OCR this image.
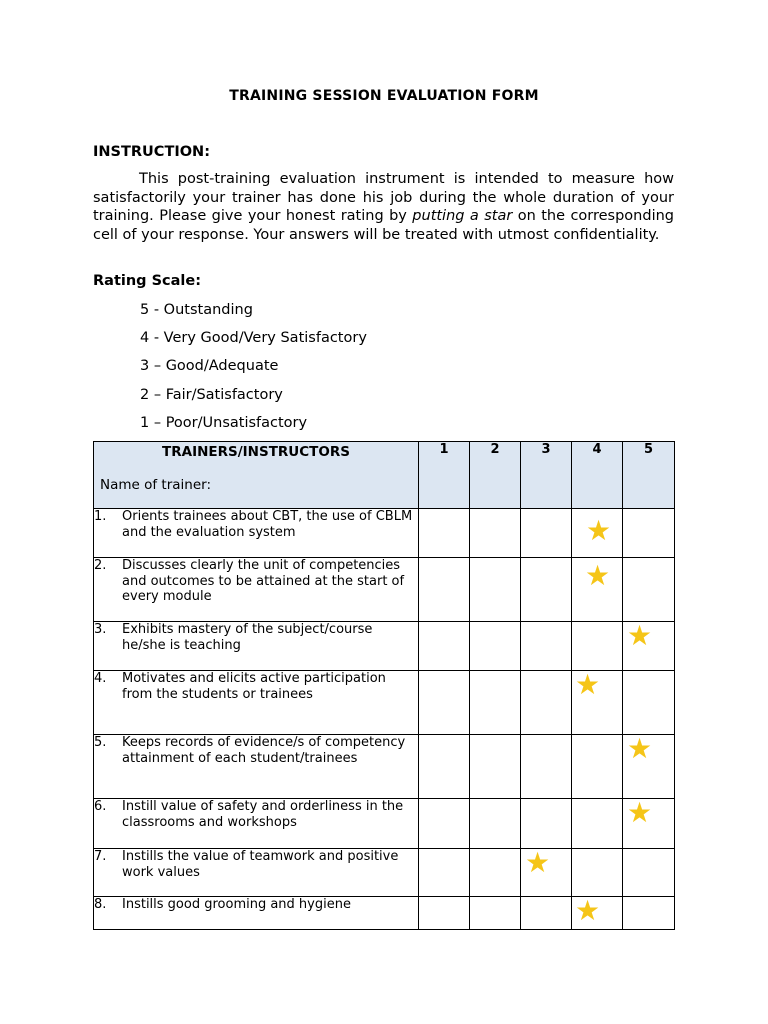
TRAINING SESSION EVALUATION FORM
INSTRUCTION:
This post-training evaluation instrument is intended to measure how satisfactorily your trainer has done his job during the whole duration of your training. Please give your honest rating by putting a star on the corresponding cell of your response. Your answers will be treated with utmost confidentiality.
Rating Scale:
5 - Outstanding
4 - Very Good/Very Satisfactory
3 – Good/Adequate
2 – Fair/Satisfactory
1 – Poor/Unsatisfactory
TRAINERS/INSTRUCTORS
Name of trainer:	1	2	3	4	5

1. Orients trainees about CBT, the use of CBLM and the evaluation system				★	

2. Discusses clearly the unit of competencies and outcomes to be attained at the start of every module				★	

3. Exhibits mastery of the subject/course he/she is teaching					★

4. Motivates and elicits active participation from the students or trainees				★	

5. Keeps records of evidence/s of competency attainment of each student/trainees					★

6. Instill value of safety and orderliness in the classrooms and workshops					★

7. Instills the value of teamwork and positive work values			★		

8. Instills good grooming and hygiene				★	
